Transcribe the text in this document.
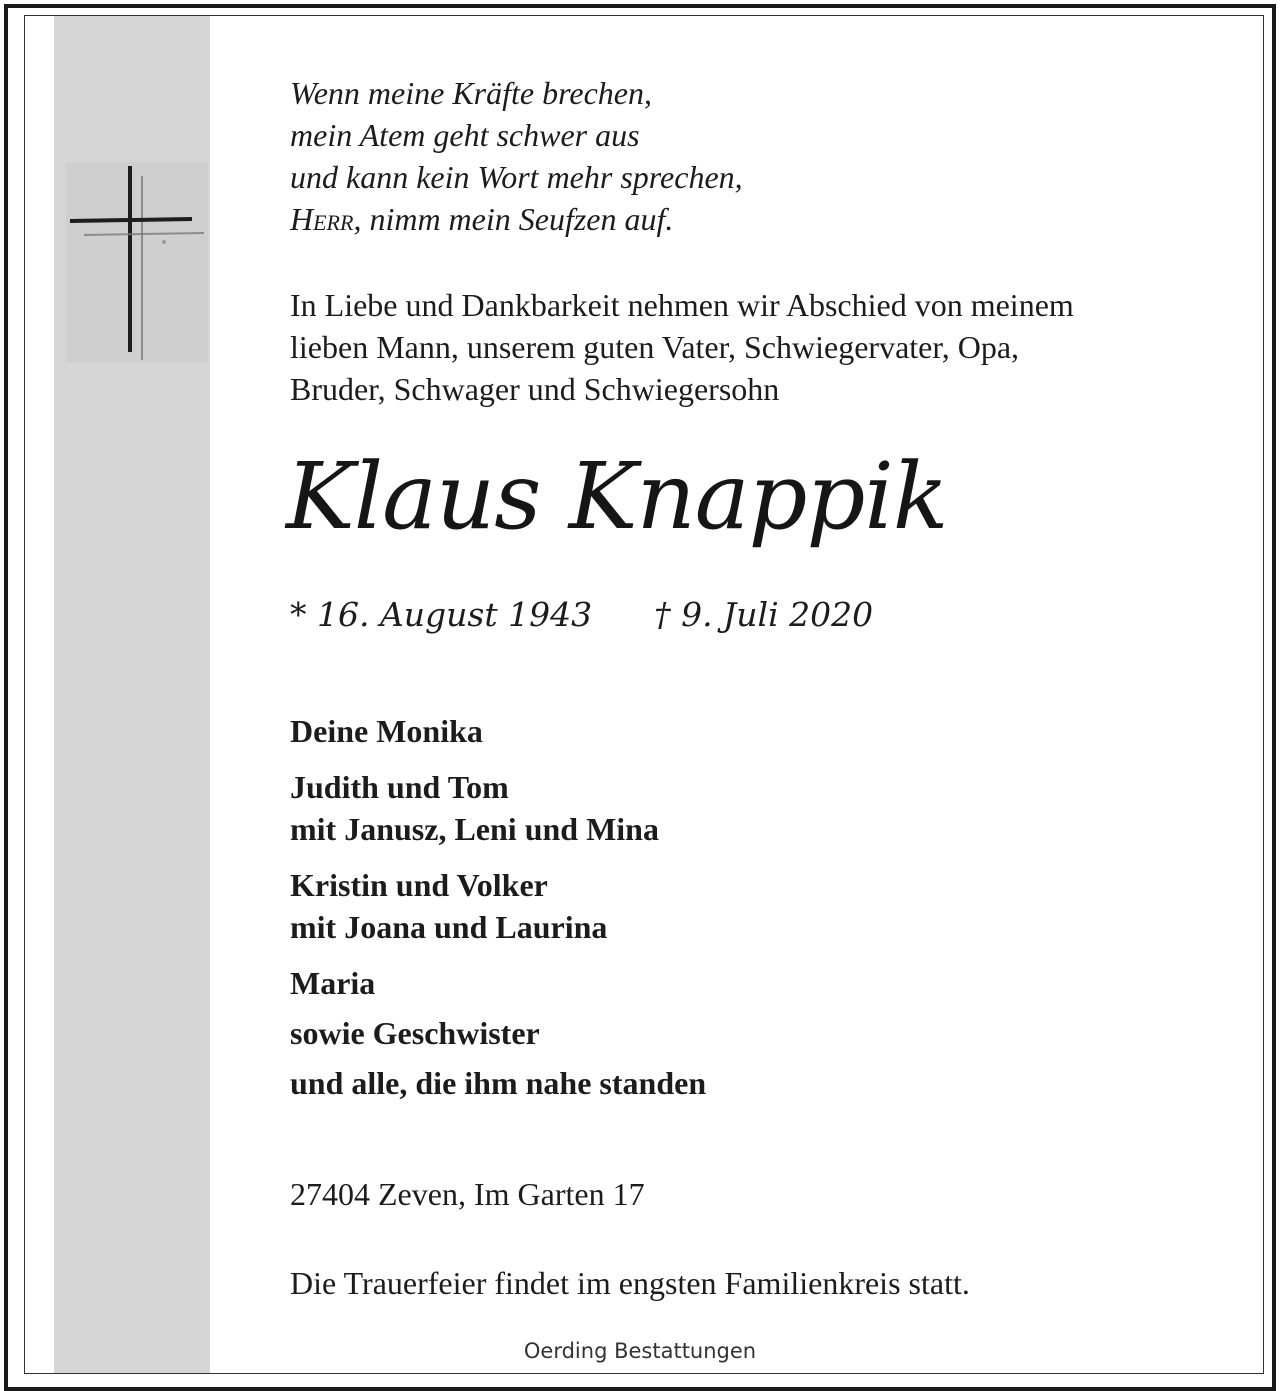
Wenn meine Kräfte brechen,
mein Atem geht schwer aus
und kann kein Wort mehr sprechen,
Herr, nimm mein Seufzen auf.
In Liebe und Dankbarkeit nehmen wir Abschied von meinem
lieben Mann, unserem guten Vater, Schwiegervater, Opa,
Bruder, Schwager und Schwiegersohn
Klaus Knappik
* 16. August 1943 † 9. Juli 2020
Deine Monika
Judith und Tom
mit Janusz, Leni und Mina
Kristin und Volker
mit Joana und Laurina
Maria
sowie Geschwister
und alle, die ihm nahe standen
27404 Zeven, Im Garten 17
Die Trauerfeier findet im engsten Familienkreis statt.
Oerding Bestattungen
